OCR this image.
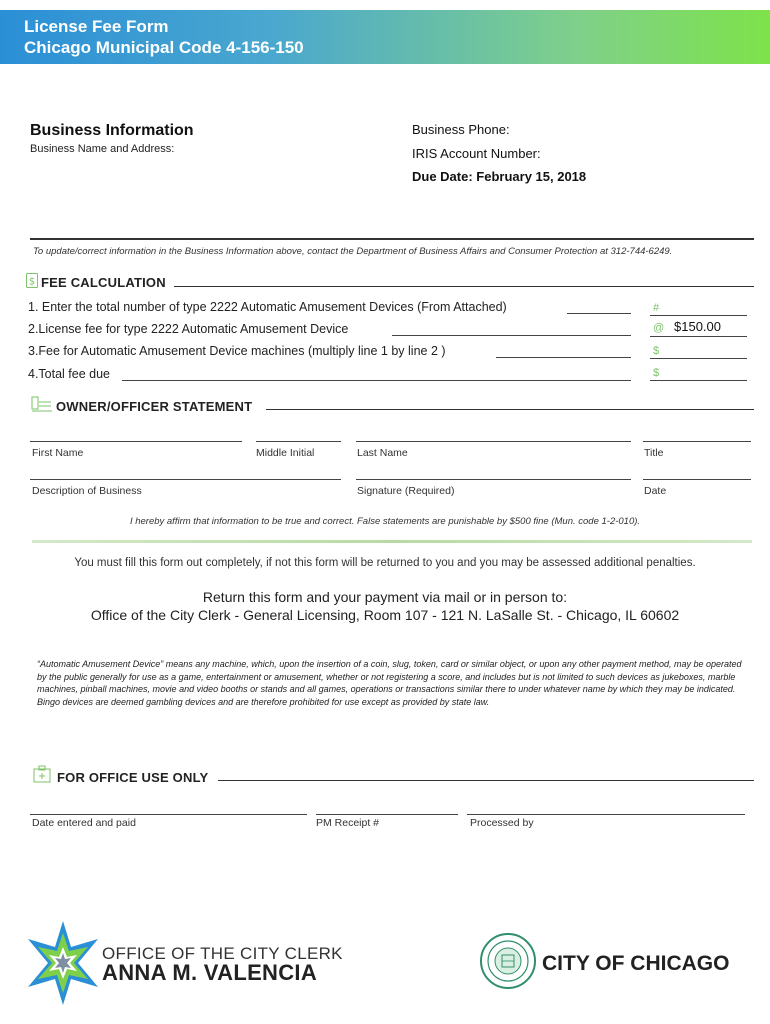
License Fee Form
Chicago Municipal Code 4-156-150
Business Information
Business Name and Address:
Business Phone:
IRIS Account Number:
Due Date: February 15, 2018
To update/correct information in the Business Information above, contact the Department of Business Affairs and Consumer Protection at 312-744-6249.
$ FEE CALCULATION
1. Enter the total number of type 2222 Automatic Amusement Devices (From Attached)	#
2.License fee for type 2222 Automatic Amusement Device	@ $150.00
3.Fee for Automatic Amusement Device machines (multiply line 1 by line 2 )	$
4.Total fee due	$
OWNER/OFFICER STATEMENT
First Name	Middle Initial	Last Name	Title
Description of Business	Signature (Required)	Date
I hereby affirm that information to be true and correct. False statements are punishable by $500 fine (Mun. code 1-2-010).
You must fill this form out completely, if not this form will be returned to you and you may be assessed additional penalties.
Return this form and your payment via mail or in person to:
Office of the City Clerk - General Licensing, Room 107 - 121 N. LaSalle St. - Chicago, IL 60602
“Automatic Amusement Device” means any machine, which, upon the insertion of a coin, slug, token, card or similar object, or upon any other payment method, may be operated by the public generally for use as a game, entertainment or amusement, whether or not registering a score, and includes but is not limited to such devices as jukeboxes, marble machines, pinball machines, movie and video booths or stands and all games, operations or transactions similar there to under whatever name by which they may be indicated. Bingo devices are deemed gambling devices and are therefore prohibited for use except as provided by state law.
FOR OFFICE USE ONLY
Date entered and paid	PM Receipt #	Processed by
OFFICE OF THE CITY CLERK
ANNA M. VALENCIA	CITY OF CHICAGO
